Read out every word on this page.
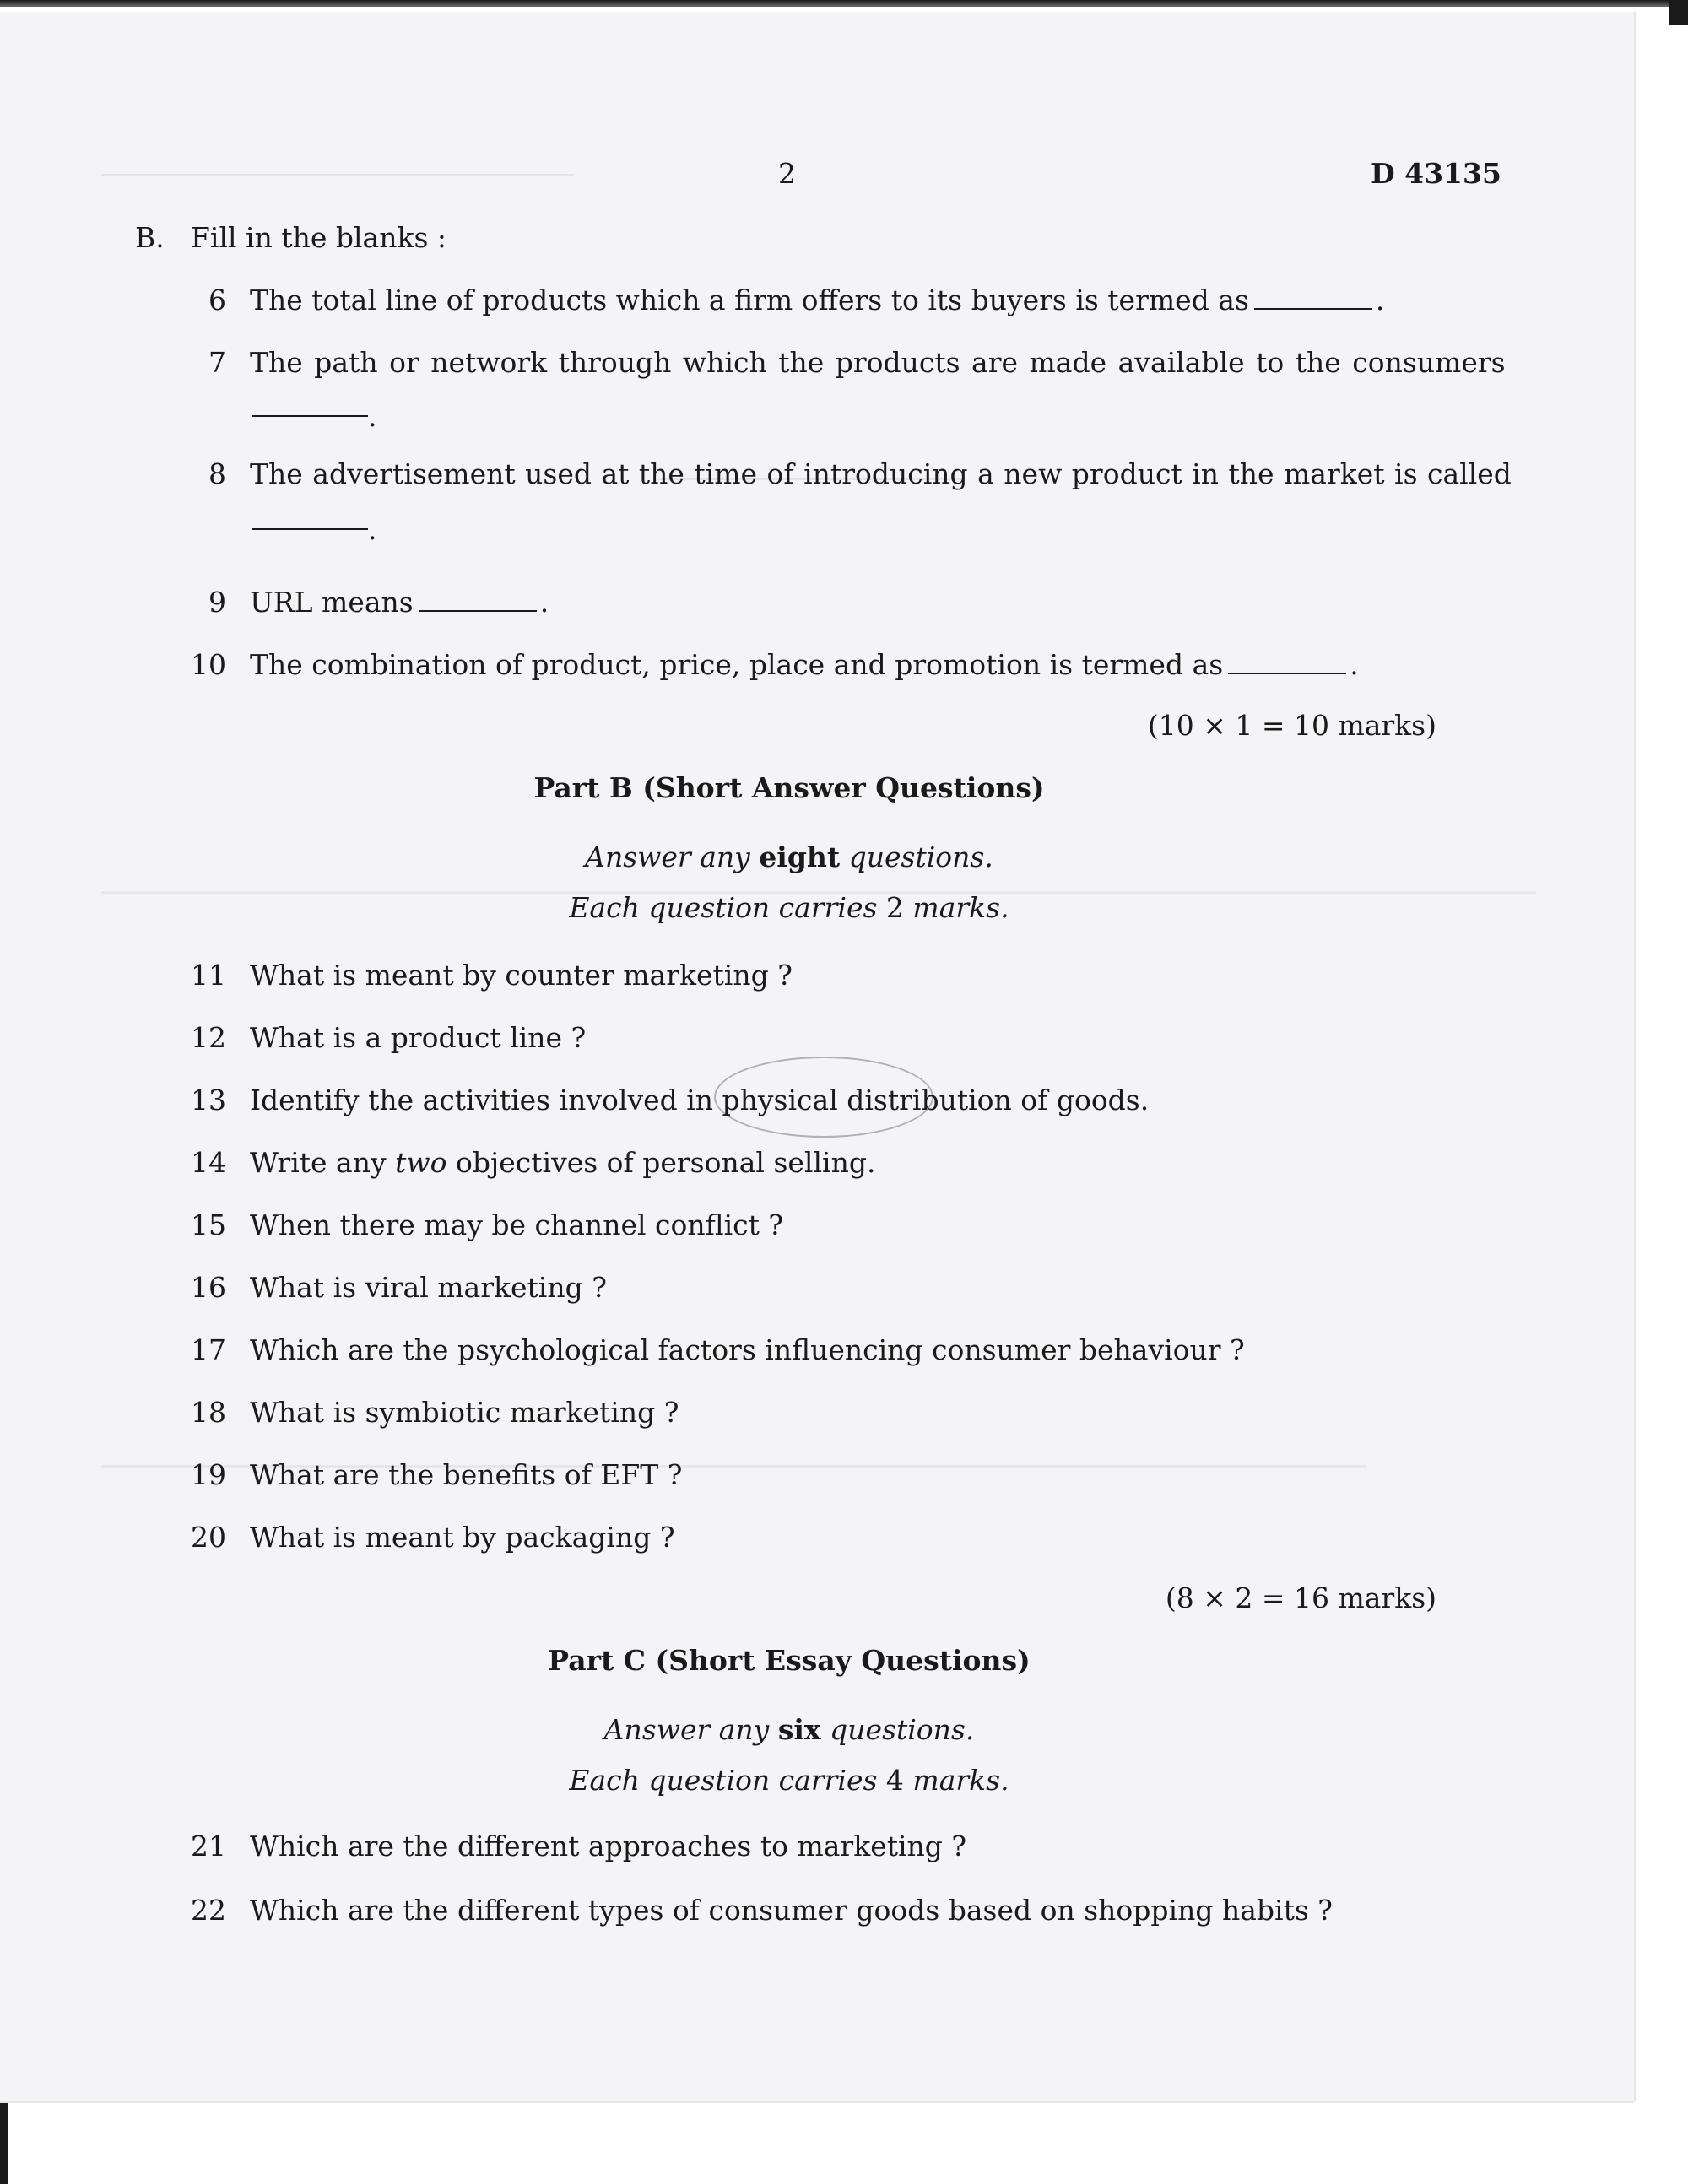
2	D 43135
B. Fill in the blanks :
6 The total line of products which a firm offers to its buyers is termed as	.
7 The path or network through which the products are made available to the consumers
.
8 The advertisement used at the time of introducing a new product in the market is called
.
9 URL means	.
10 The combination of product, price, place and promotion is termed as	.
(10 × 1 = 10 marks)
Part B (Short Answer Questions)
Answer any eight questions.
Each question carries 2 marks.
11 What is meant by counter marketing ?
12 What is a product line ?
13 Identify the activities involved in physical distribution of goods.
14 Write any two objectives of personal selling.
15 When there may be channel conflict ?
16 What is viral marketing ?
17 Which are the psychological factors influencing consumer behaviour ?
18 What is symbiotic marketing ?
19 What are the benefits of EFT ?
20 What is meant by packaging ?
(8 × 2 = 16 marks)
Part C (Short Essay Questions)
Answer any six questions.
Each question carries 4 marks.
21 Which are the different approaches to marketing ?
22 Which are the different types of consumer goods based on shopping habits ?
